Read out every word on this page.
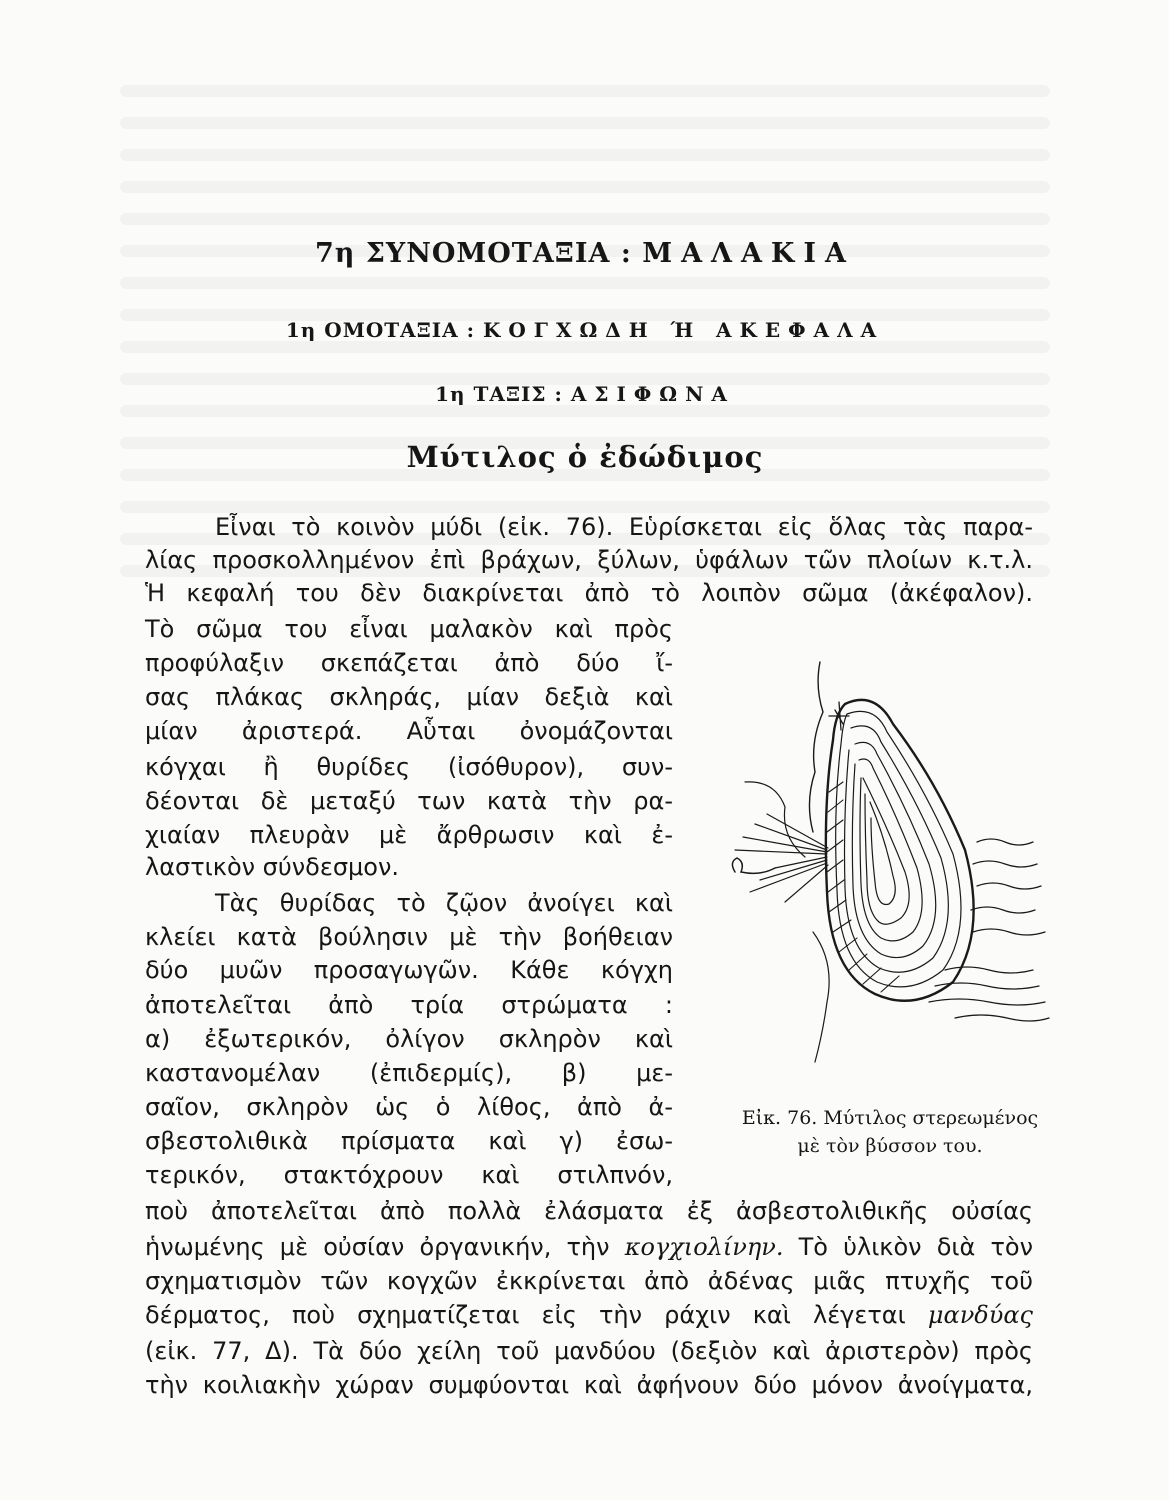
7η ΣΥΝΟΜΟΤΑΞΙΑ : ΜΑΛΑΚΙΑ
1η ΟΜΟΤΑΞΙΑ : ΚΟΓΧΩΔΗ Ή ΑΚΕΦΑΛΑ
1η ΤΑΞΙΣ : ΑΣΙΦΩΝΑ
Μύτιλος ὁ ἐδώδιμος

Εἶναι τὸ κοινὸν μύδι (εἰκ. 76). Εὑρίσκεται εἰς ὅλας τὰς παρα-

λίας προσκολλημένον ἐπὶ βράχων, ξύλων, ὑφάλων τῶν πλοίων κ.τ.λ.

Ἡ κεφαλή του δὲν διακρίνεται ἀπὸ τὸ λοιπὸν σῶμα (ἀκέφαλον).

Τὸ σῶμα του εἶναι μαλακὸν καὶ πρὸς

προφύλαξιν σκεπάζεται ἀπὸ δύο ἴ-

σας πλάκας σκληράς, μίαν δεξιὰ καὶ

μίαν ἀριστερά. Αὗται ὀνομάζονται

κόγχαι ἢ θυρίδες (ἰσόθυρον), συν-

δέονται δὲ μεταξύ των κατὰ τὴν ρα-

χιαίαν πλευρὰν μὲ ἄρθρωσιν καὶ ἐ-

λαστικὸν σύνδεσμον.

Τὰς θυρίδας τὸ ζῷον ἀνοίγει καὶ

κλείει κατὰ βούλησιν μὲ τὴν βοήθειαν

δύο μυῶν προσαγωγῶν. Κάθε κόγχη

ἀποτελεῖται ἀπὸ τρία στρώματα :

α) ἐξωτερικόν, ὀλίγον σκληρὸν καὶ

καστανομέλαν (ἐπιδερμίς), β) με-

σαῖον, σκληρὸν ὡς ὁ λίθος, ἀπὸ ἀ-

σβεστολιθικὰ πρίσματα καὶ γ) ἐσω-

τερικόν, στακτόχρουν καὶ στιλπνόν,

ποὺ ἀποτελεῖται ἀπὸ πολλὰ ἐλάσματα ἐξ ἀσβεστολιθικῆς οὐσίας

ἡνωμένης μὲ οὐσίαν ὀργανικήν, τὴν κογχιολίνην. Τὸ ὑλικὸν διὰ τὸν

σχηματισμὸν τῶν κογχῶν ἐκκρίνεται ἀπὸ ἀδένας μιᾶς πτυχῆς τοῦ

δέρματος, ποὺ σχηματίζεται εἰς τὴν ράχιν καὶ λέγεται μανδύας

(εἰκ. 77, Δ). Τὰ δύο χείλη τοῦ μανδύου (δεξιὸν καὶ ἀριστερὸν) πρὸς

τὴν κοιλιακὴν χώραν συμφύονται καὶ ἀφήνουν δύο μόνον ἀνοίγματα,

Εἰκ. 76. Μύτιλος στερεωμένος

μὲ τὸν βύσσον του.
